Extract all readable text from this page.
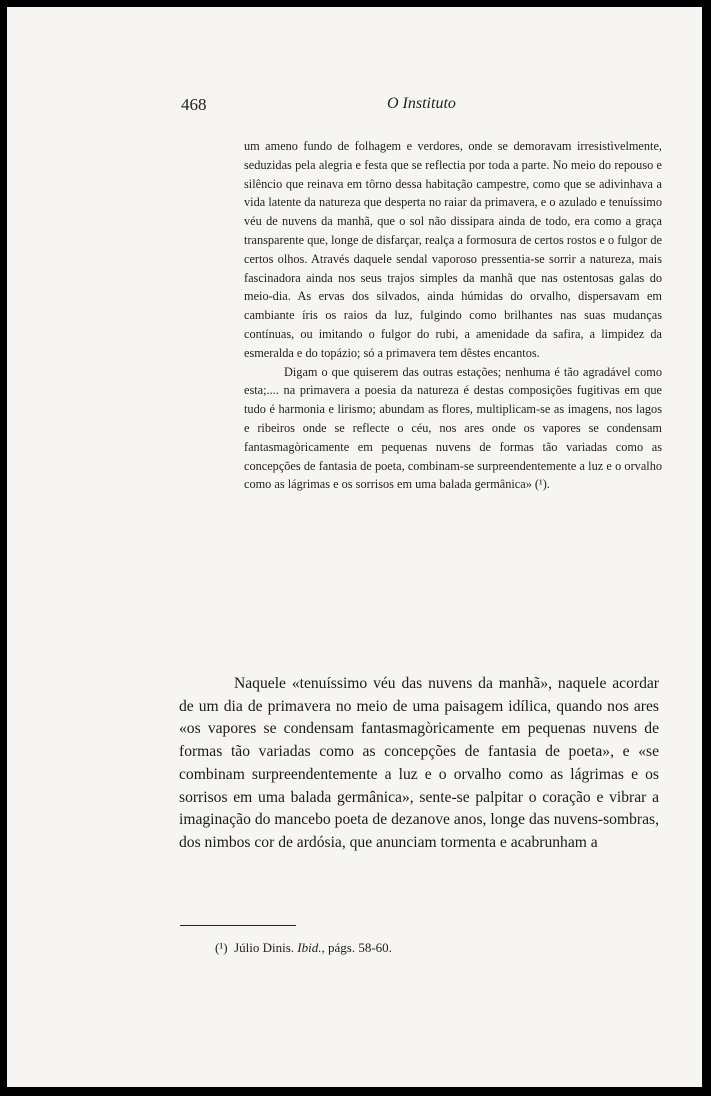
468	O Instituto

um ameno fundo de folhagem e verdores, onde se demoravam irresistìvelmente, seduzidas pela alegria e festa que se reflectia por toda a parte. No meio do repouso e silêncio que reinava em tôrno dessa habitação campestre, como que se adivinhava a vida latente da natureza que desperta no raiar da primavera, e o azulado e tenuíssimo véu de nuvens da manhã, que o sol não dissipara ainda de todo, era como a graça transparente que, longe de disfarçar, realça a formosura de certos rostos e o fulgor de certos olhos. Através daquele sendal vaporoso pressentia-se sorrir a natureza, mais fascinadora ainda nos seus trajos simples da manhã que nas ostentosas galas do meio-dia. As ervas dos silvados, ainda húmidas do orvalho, dispersavam em cambiante íris os raios da luz, fulgindo como brilhantes nas suas mudanças contínuas, ou imitando o fulgor do rubi, a amenidade da safira, a limpidez da esmeralda e do topázio; só a primavera tem dêstes encantos.

Digam o que quiserem das outras estações; nenhuma é tão agradável como esta;.... na primavera a poesia da natureza é destas composições fugitivas em que tudo é harmonia e lirismo; abundam as flores, multiplicam-se as imagens, nos lagos e ribeiros onde se reflecte o céu, nos ares onde os vapores se condensam fantasmagòricamente em pequenas nuvens de formas tão variadas como as concepções de fantasia de poeta, combinam-se surpreendentemente a luz e o orvalho como as lágrimas e os sorrisos em uma balada germânica» (¹).

Naquele «tenuíssimo véu das nuvens da manhã», naquele acordar de um dia de primavera no meio de uma paisagem idílica, quando nos ares «os vapores se condensam fantasmagòricamente em pequenas nuvens de formas tão variadas como as concepções de fantasia de poeta», e «se combinam surpreendentemente a luz e o orvalho como as lágrimas e os sorrisos em uma balada germânica», sente-se palpitar o coração e vibrar a imaginação do mancebo poeta de dezanove anos, longe das nuvens-sombras, dos nimbos cor de ardósia, que anunciam tormenta e acabrunham a

(¹) Júlio Dinis. Ibid., págs. 58-60.
